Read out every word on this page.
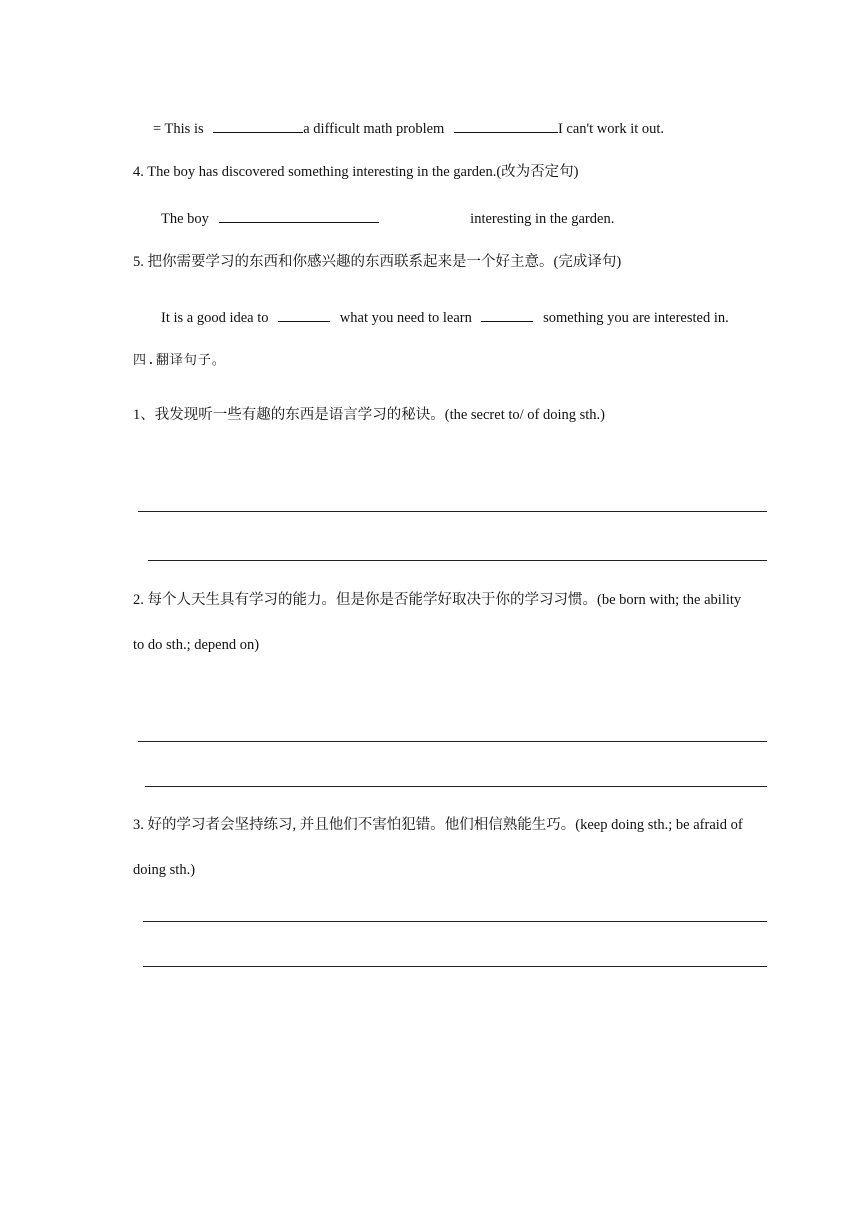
= This is	a difficult math problem	I can't work it out.
4. The boy has discovered something interesting in the garden.(改为否定句)
The boy	interesting in the garden.
5. 把你需要学习的东西和你感兴趣的东西联系起来是一个好主意。(完成译句)
It is a good idea to	what you need to learn	something you are interested in.
四.翻译句子。
1、我发现听一些有趣的东西是语言学习的秘诀。(the secret to/ of doing sth.)
2. 每个人天生具有学习的能力。但是你是否能学好取决于你的学习习惯。(be born with; the ability
to do sth.; depend on)
3. 好的学习者会坚持练习, 并且他们不害怕犯错。他们相信熟能生巧。(keep doing sth.; be afraid of
doing sth.)
